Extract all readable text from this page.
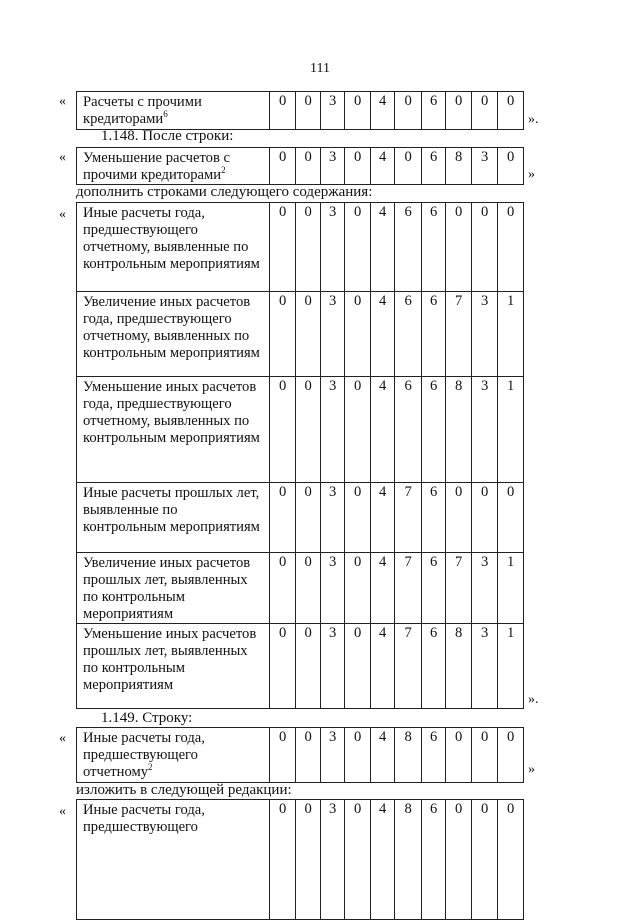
111
« Расчеты с прочими кредиторами$^6$	0	0	3	0	4	0	6	0	0	0
».
1.148. После строки:
« Уменьшение расчетов с прочими кредиторами$^2$	0	0	3	0	4	0	6	8	3	0
»
дополнить строками следующего содержания:
« Иные расчеты года, предшествующего отчетному, выявленные по контрольным мероприятиям	0	0	3	0	4	6	6	0	0	0
Увеличение иных расчетов года, предшествующего отчетному, выявленных по контрольным мероприятиям	0	0	3	0	4	6	6	7	3	1
Уменьшение иных расчетов года, предшествующего отчетному, выявленных по контрольным мероприятиям	0	0	3	0	4	6	6	8	3	1
Иные расчеты прошлых лет, выявленные по контрольным мероприятиям	0	0	3	0	4	7	6	0	0	0
Увеличение иных расчетов прошлых лет, выявленных по контрольным мероприятиям	0	0	3	0	4	7	6	7	3	1
Уменьшение иных расчетов прошлых лет, выявленных по контрольным мероприятиям	0	0	3	0	4	7	6	8	3	1
».
1.149. Строку:
« Иные расчеты года, предшествующего отчетному$^2$	0	0	3	0	4	8	6	0	0	0
»
изложить в следующей редакции:
« Иные расчеты года, предшествующего	0	0	3	0	4	8	6	0	0	0
